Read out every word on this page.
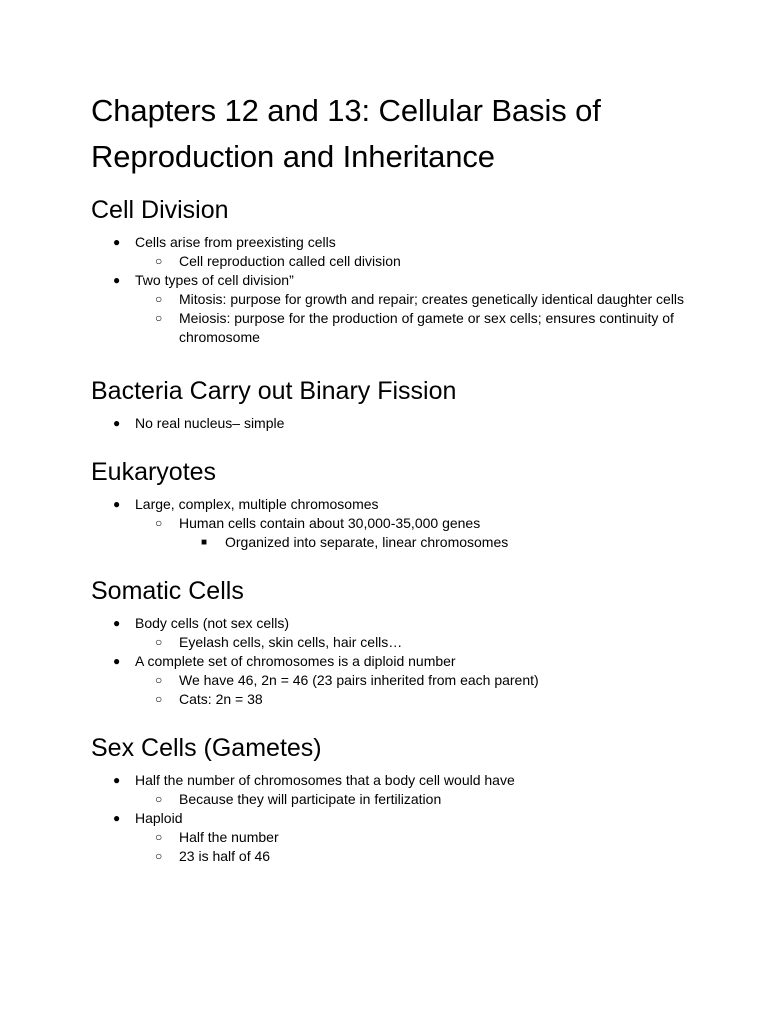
Chapters 12 and 13: Cellular Basis of Reproduction and Inheritance
Cell Division
● Cells arise from preexisting cells
○ Cell reproduction called cell division
● Two types of cell division”
○ Mitosis: purpose for growth and repair; creates genetically identical daughter cells
○ Meiosis: purpose for the production of gamete or sex cells; ensures continuity of chromosome
Bacteria Carry out Binary Fission
● No real nucleus– simple
Eukaryotes
● Large, complex, multiple chromosomes
○ Human cells contain about 30,000-35,000 genes
■ Organized into separate, linear chromosomes
Somatic Cells
● Body cells (not sex cells)
○ Eyelash cells, skin cells, hair cells…
● A complete set of chromosomes is a diploid number
○ We have 46, 2n = 46 (23 pairs inherited from each parent)
○ Cats: 2n = 38
Sex Cells (Gametes)
● Half the number of chromosomes that a body cell would have
○ Because they will participate in fertilization
● Haploid
○ Half the number
○ 23 is half of 46
